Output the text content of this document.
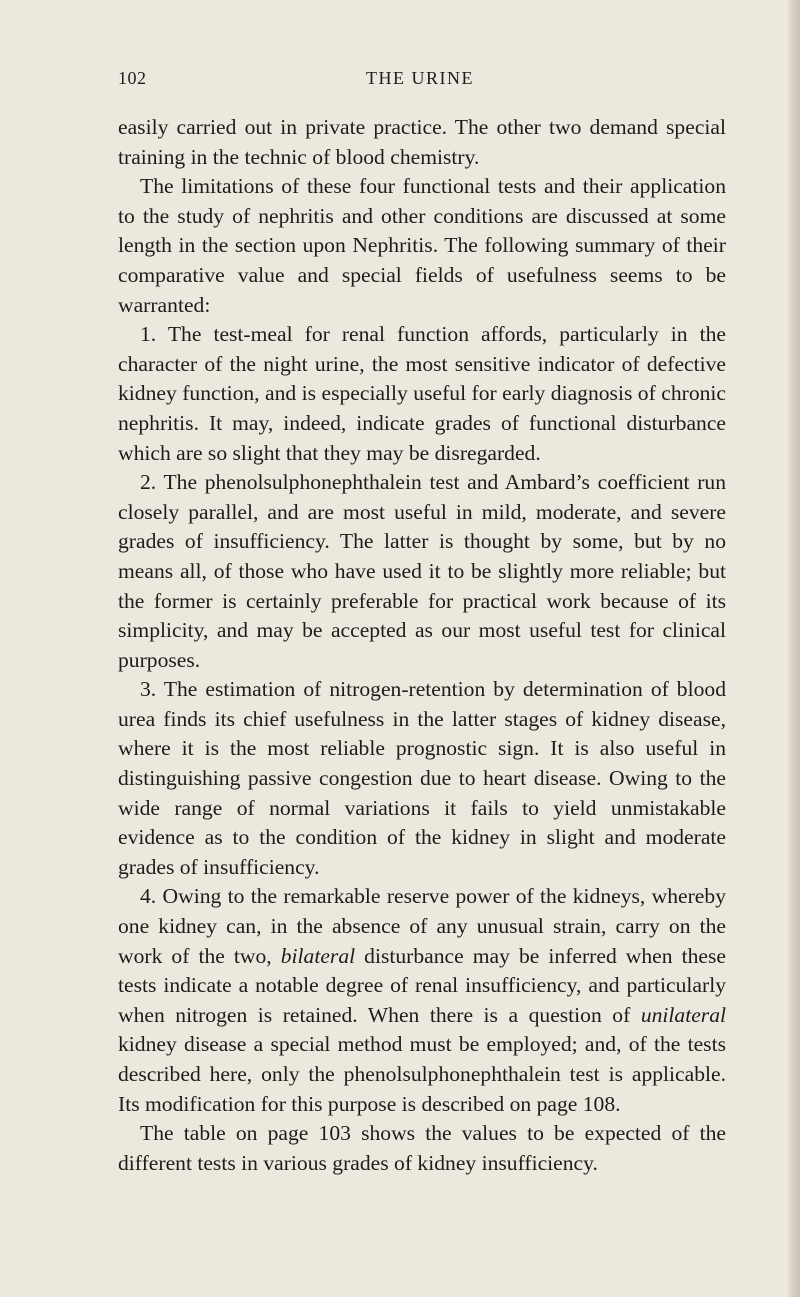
102	THE URINE

easily carried out in private practice. The other two demand special training in the technic of blood chemistry.

The limitations of these four functional tests and their application to the study of nephritis and other conditions are discussed at some length in the section upon Nephritis. The following summary of their comparative value and special fields of usefulness seems to be warranted:

1. The test-meal for renal function affords, particularly in the character of the night urine, the most sensitive indicator of defective kidney function, and is especially useful for early diagnosis of chronic nephritis. It may, indeed, indicate grades of functional disturbance which are so slight that they may be disregarded.

2. The phenolsulphonephthalein test and Ambard’s coefficient run closely parallel, and are most useful in mild, moderate, and severe grades of insufficiency. The latter is thought by some, but by no means all, of those who have used it to be slightly more reliable; but the former is certainly preferable for practical work because of its simplicity, and may be accepted as our most useful test for clinical purposes.

3. The estimation of nitrogen-retention by determination of blood urea finds its chief usefulness in the latter stages of kidney disease, where it is the most reliable prognostic sign. It is also useful in distinguishing passive congestion due to heart disease. Owing to the wide range of normal variations it fails to yield unmistakable evidence as to the condition of the kidney in slight and moderate grades of insufficiency.

4. Owing to the remarkable reserve power of the kidneys, whereby one kidney can, in the absence of any unusual strain, carry on the work of the two, bilateral disturbance may be inferred when these tests indicate a notable degree of renal insufficiency, and particularly when nitrogen is retained. When there is a question of unilateral kidney disease a special method must be employed; and, of the tests described here, only the phenolsulphonephthalein test is applicable. Its modification for this purpose is described on page 108.

The table on page 103 shows the values to be expected of the different tests in various grades of kidney insufficiency.
